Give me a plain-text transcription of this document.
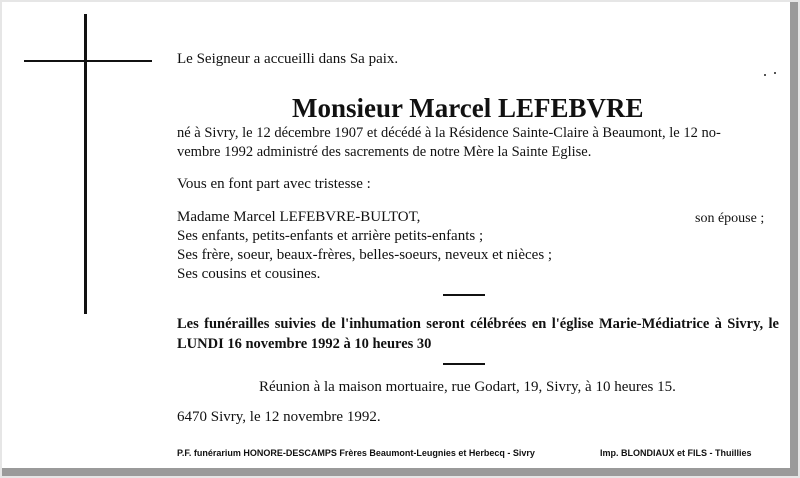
Le Seigneur a accueilli dans Sa paix.
Monsieur Marcel LEFEBVRE
né à Sivry, le 12 décembre 1907 et décédé à la Résidence Sainte-Claire à Beaumont, le 12 no-
vembre 1992 administré des sacrements de notre Mère la Sainte Eglise.
Vous en font part avec tristesse :
Madame Marcel LEFEBVRE-BULTOT,	son épouse ;
Ses enfants, petits-enfants et arrière petits-enfants ;
Ses frère, soeur, beaux-frères, belles-soeurs, neveux et nièces ;
Ses cousins et cousines.
Les funérailles suivies de l'inhumation seront célébrées en l'église Marie-Médiatrice à Sivry, le LUNDI 16 novembre 1992 à 10 heures 30
Réunion à la maison mortuaire, rue Godart, 19, Sivry, à 10 heures 15.
6470 Sivry, le 12 novembre 1992.
P.F. funérarium HONORE-DESCAMPS Frères Beaumont-Leugnies et Herbecq - Sivry	Imp. BLONDIAUX et FILS - Thuillies
